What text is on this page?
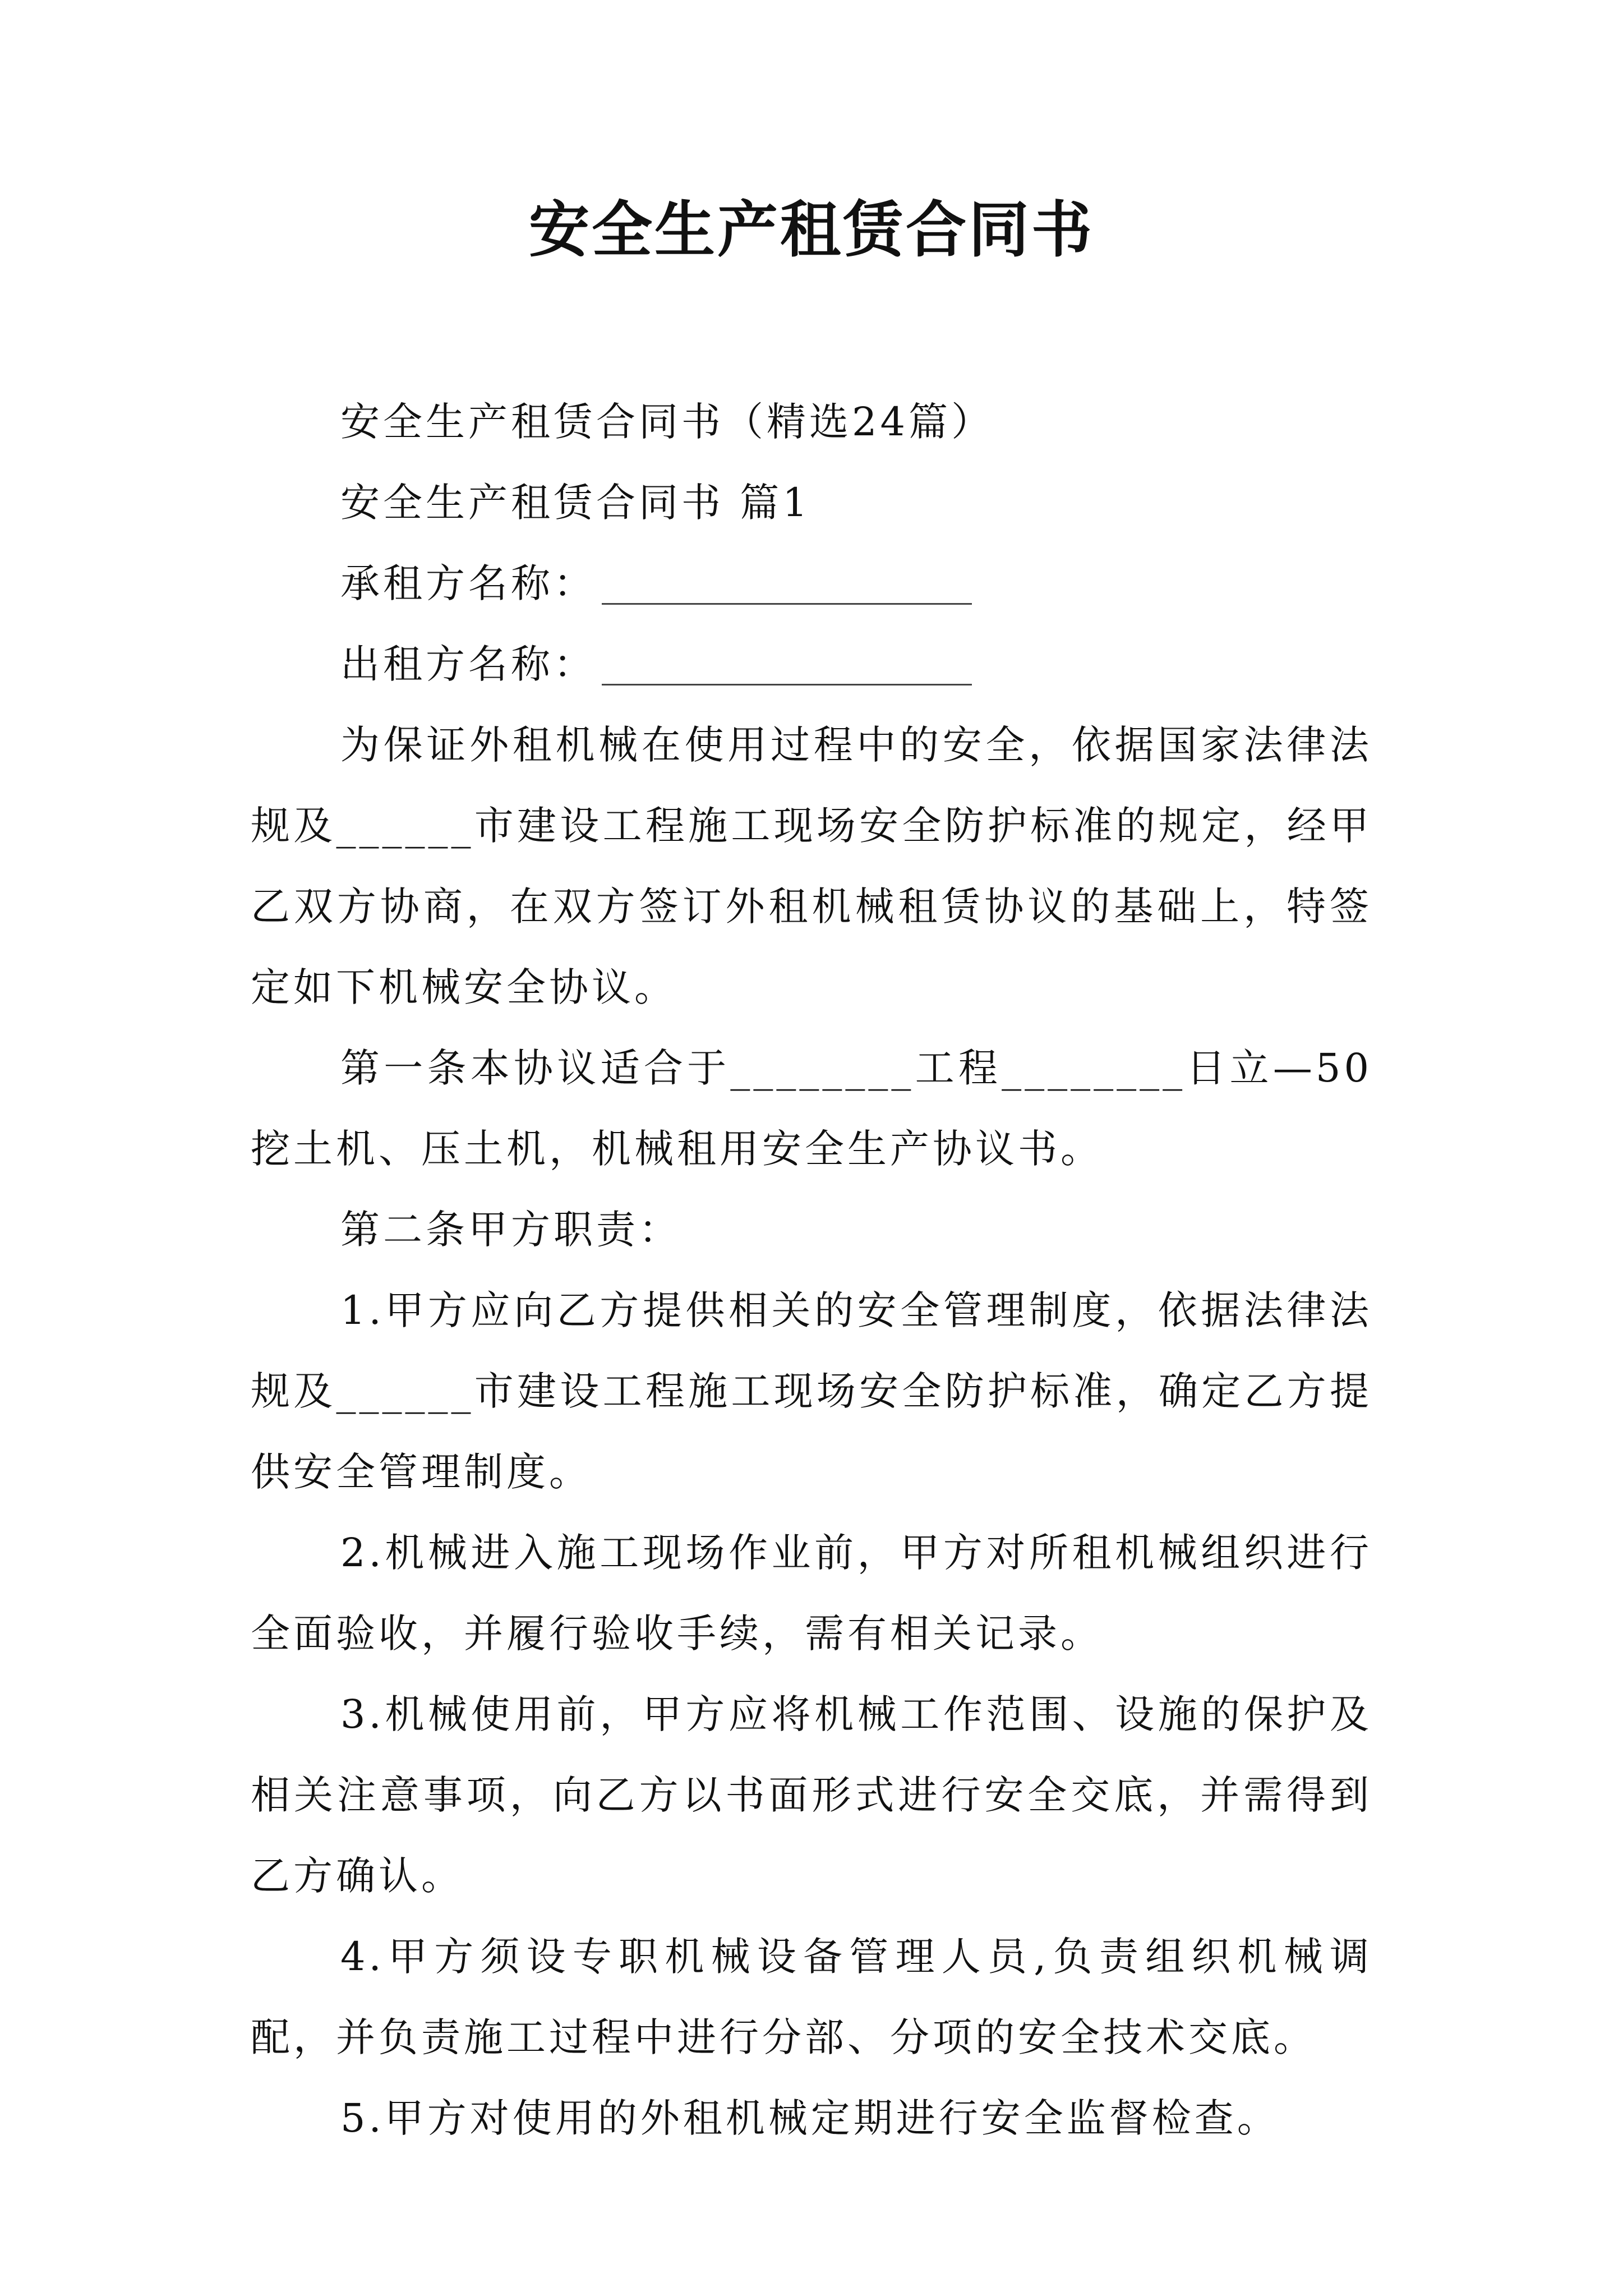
安全生产租赁合同书

安全生产租赁合同书（精选24篇）

安全生产租赁合同书 篇1

承租方名称：

出租方名称：

为保证外租机械在使用过程中的安全，依据国家法律法规及______市建设工程施工现场安全防护标准的规定，经甲乙双方协商，在双方签订外租机械租赁协议的基础上，特签定如下机械安全协议。

第一条本协议适合于________工程________日立—50挖土机、压土机，机械租用安全生产协议书。

第二条甲方职责：

1.甲方应向乙方提供相关的安全管理制度，依据法律法规及______市建设工程施工现场安全防护标准，确定乙方提供安全管理制度。

2.机械进入施工现场作业前，甲方对所租机械组织进行全面验收，并履行验收手续，需有相关记录。

3.机械使用前，甲方应将机械工作范围、设施的保护及相关注意事项，向乙方以书面形式进行安全交底，并需得到乙方确认。

4.甲方须设专职机械设备管理人员,负责组织机械调配，并负责施工过程中进行分部、分项的安全技术交底。

5.甲方对使用的外租机械定期进行安全监督检查。
